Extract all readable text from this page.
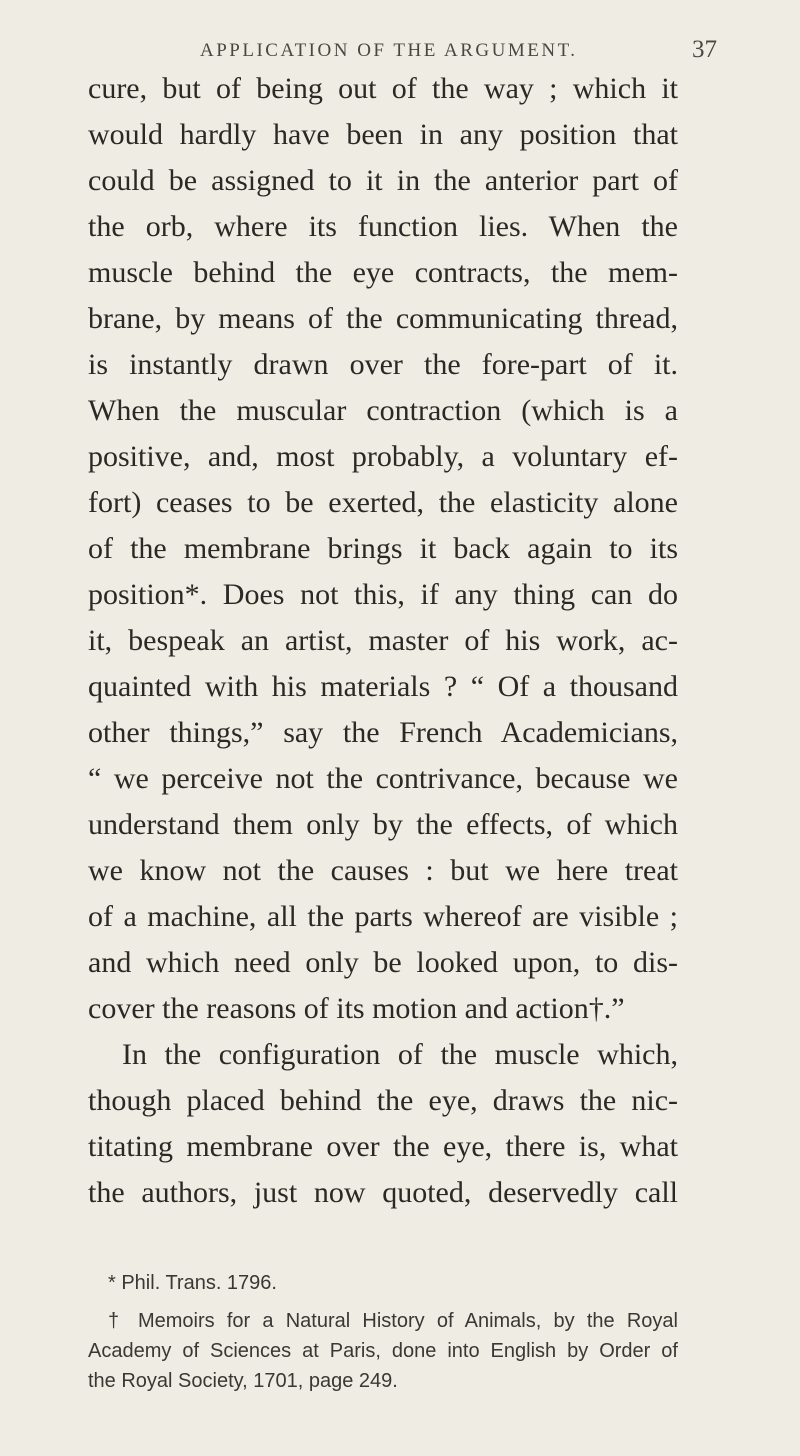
APPLICATION OF THE ARGUMENT.	37
cure, but of being out of the way ; which it
would hardly have been in any position that
could be assigned to it in the anterior part of
the orb, where its function lies. When the
muscle behind the eye contracts, the mem-
brane, by means of the communicating thread,
is instantly drawn over the fore-part of it.
When the muscular contraction (which is a
positive, and, most probably, a voluntary ef-
fort) ceases to be exerted, the elasticity alone
of the membrane brings it back again to its
position*. Does not this, if any thing can do
it, bespeak an artist, master of his work, ac-
quainted with his materials ? “ Of a thousand
other things,” say the French Academicians,
“ we perceive not the contrivance, because we
understand them only by the effects, of which
we know not the causes : but we here treat
of a machine, all the parts whereof are visible ;
and which need only be looked upon, to dis-
cover the reasons of its motion and action†.”
In the configuration of the muscle which,
though placed behind the eye, draws the nic-
titating membrane over the eye, there is, what
the authors, just now quoted, deservedly call
* Phil. Trans. 1796.
† Memoirs for a Natural History of Animals, by the Royal
Academy of Sciences at Paris, done into English by Order of
the Royal Society, 1701, page 249.
